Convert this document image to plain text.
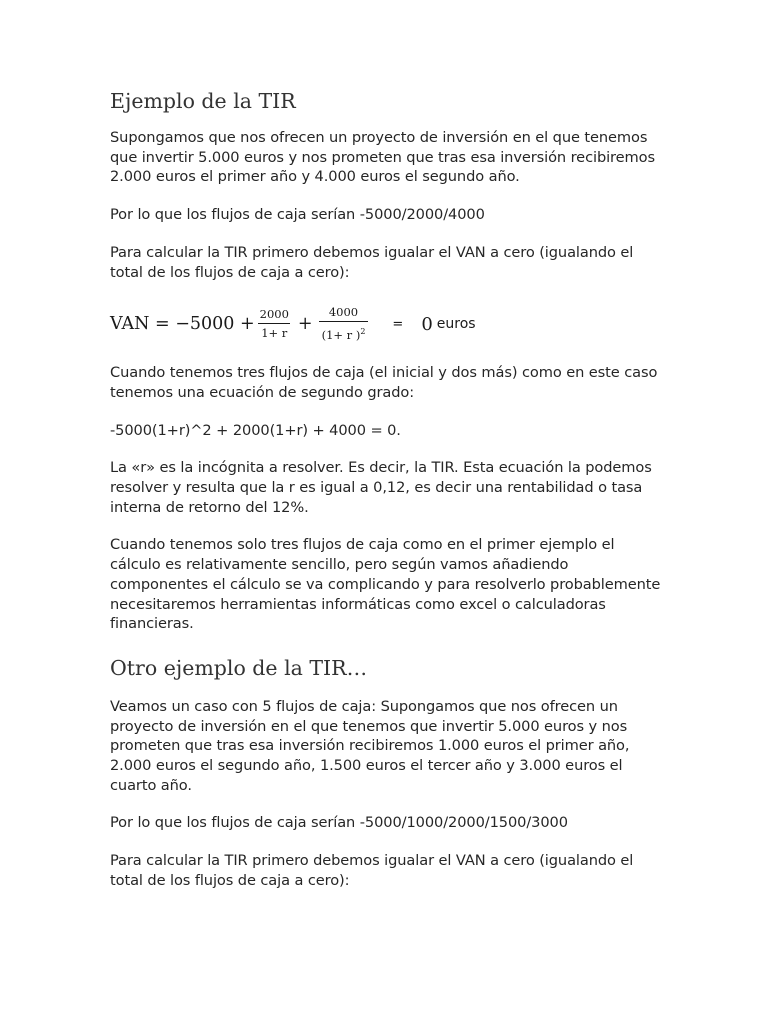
Ejemplo de la TIR

Supongamos que nos ofrecen un proyecto de inversión en el que tenemos que invertir 5.000 euros y nos prometen que tras esa inversión recibiremos 2.000 euros el primer año y 4.000 euros el segundo año.

Por lo que los flujos de caja serían -5000/2000/4000

Para calcular la TIR primero debemos igualar el VAN a cero (igualando el total de los flujos de caja a cero):

VAN = $-5000 + \frac{2000}{1+ r} + \frac{4000}{(1+ r )^2} = 0$ euros

Cuando tenemos tres flujos de caja (el inicial y dos más) como en este caso tenemos una ecuación de segundo grado:

-5000(1+r)^2 + 2000(1+r) + 4000 = 0.

La «r» es la incógnita a resolver. Es decir, la TIR. Esta ecuación la podemos resolver y resulta que la r es igual a 0,12, es decir una rentabilidad o tasa interna de retorno del 12%.

Cuando tenemos solo tres flujos de caja como en el primer ejemplo el cálculo es relativamente sencillo, pero según vamos añadiendo componentes el cálculo se va complicando y para resolverlo probablemente necesitaremos herramientas informáticas como excel o calculadoras financieras.

Otro ejemplo de la TIR…

Veamos un caso con 5 flujos de caja: Supongamos que nos ofrecen un proyecto de inversión en el que tenemos que invertir 5.000 euros y nos prometen que tras esa inversión recibiremos 1.000 euros el primer año, 2.000 euros el segundo año, 1.500 euros el tercer año y 3.000 euros el cuarto año.

Por lo que los flujos de caja serían -5000/1000/2000/1500/3000

Para calcular la TIR primero debemos igualar el VAN a cero (igualando el total de los flujos de caja a cero):
